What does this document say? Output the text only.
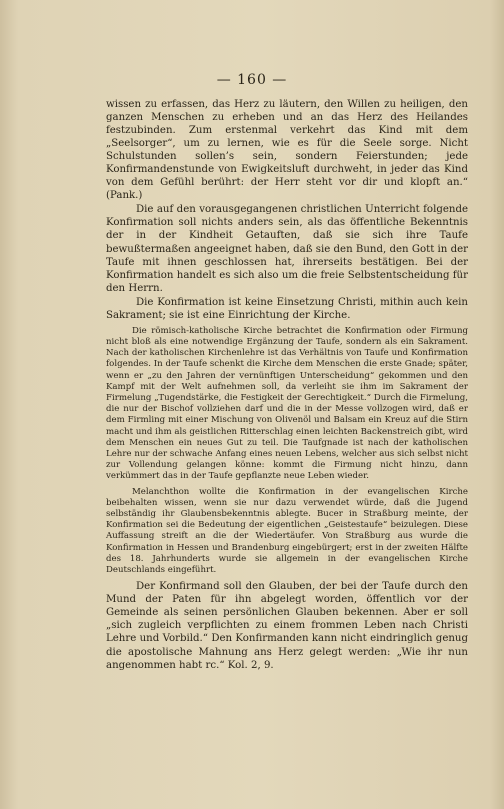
— 160 —

wissen zu erfassen, das Herz zu läutern, den Willen zu heiligen, den ganzen Menschen zu erheben und an das Herz des Heilandes festzubinden. Zum erstenmal verkehrt das Kind mit dem „Seelsorger“, um zu lernen, wie es für die Seele sorge. Nicht Schulstunden sollen’s sein, sondern Feierstunden; jede Konfirmandenstunde von Ewigkeitsluft durchweht, in jeder das Kind von dem Gefühl berührt: der Herr steht vor dir und klopft an.“ (Pank.)

Die auf den vorausgegangenen christlichen Unterricht folgende Konfirmation soll nichts anders sein, als das öffentliche Bekenntnis der in der Kindheit Getauften, daß sie sich ihre Taufe bewußtermaßen angeeignet haben, daß sie den Bund, den Gott in der Taufe mit ihnen geschlossen hat, ihrerseits bestätigen. Bei der Konfirmation handelt es sich also um die freie Selbstentscheidung für den Herrn.

Die Konfirmation ist keine Einsetzung Christi, mithin auch kein Sakrament; sie ist eine Einrichtung der Kirche.

Die römisch-katholische Kirche betrachtet die Konfirmation oder Firmung nicht bloß als eine notwendige Ergänzung der Taufe, sondern als ein Sakrament. Nach der katholischen Kirchenlehre ist das Verhältnis von Taufe und Konfirmation folgendes. In der Taufe schenkt die Kirche dem Menschen die erste Gnade; später, wenn er „zu den Jahren der vernünftigen Unterscheidung“ gekommen und den Kampf mit der Welt aufnehmen soll, da verleiht sie ihm im Sakrament der Firmelung „Tugendstärke, die Festigkeit der Gerechtigkeit.“ Durch die Firmelung, die nur der Bischof vollziehen darf und die in der Messe vollzogen wird, daß er dem Firmling mit einer Mischung von Olivenöl und Balsam ein Kreuz auf die Stirn macht und ihm als geistlichen Ritterschlag einen leichten Backenstreich gibt, wird dem Menschen ein neues Gut zu teil. Die Taufgnade ist nach der katholischen Lehre nur der schwache Anfang eines neuen Lebens, welcher aus sich selbst nicht zur Vollendung gelangen könne: kommt die Firmung nicht hinzu, dann verkümmert das in der Taufe gepflanzte neue Leben wieder.

Melanchthon wollte die Konfirmation in der evangelischen Kirche beibehalten wissen, wenn sie nur dazu verwendet würde, daß die Jugend selbständig ihr Glaubensbekenntnis ablegte. Bucer in Straßburg meinte, der Konfirmation sei die Bedeutung der eigentlichen „Geistestaufe“ beizulegen. Diese Auffassung streift an die der Wiedertäufer. Von Straßburg aus wurde die Konfirmation in Hessen und Brandenburg eingebürgert; erst in der zweiten Hälfte des 18. Jahrhunderts wurde sie allgemein in der evangelischen Kirche Deutschlands eingeführt.

Der Konfirmand soll den Glauben, der bei der Taufe durch den Mund der Paten für ihn abgelegt worden, öffentlich vor der Gemeinde als seinen persönlichen Glauben bekennen. Aber er soll „sich zugleich verpflichten zu einem frommen Leben nach Christi Lehre und Vorbild.“ Den Konfirmanden kann nicht eindringlich genug die apostolische Mahnung ans Herz gelegt werden: „Wie ihr nun angenommen habt rc.“ Kol. 2, 9.
